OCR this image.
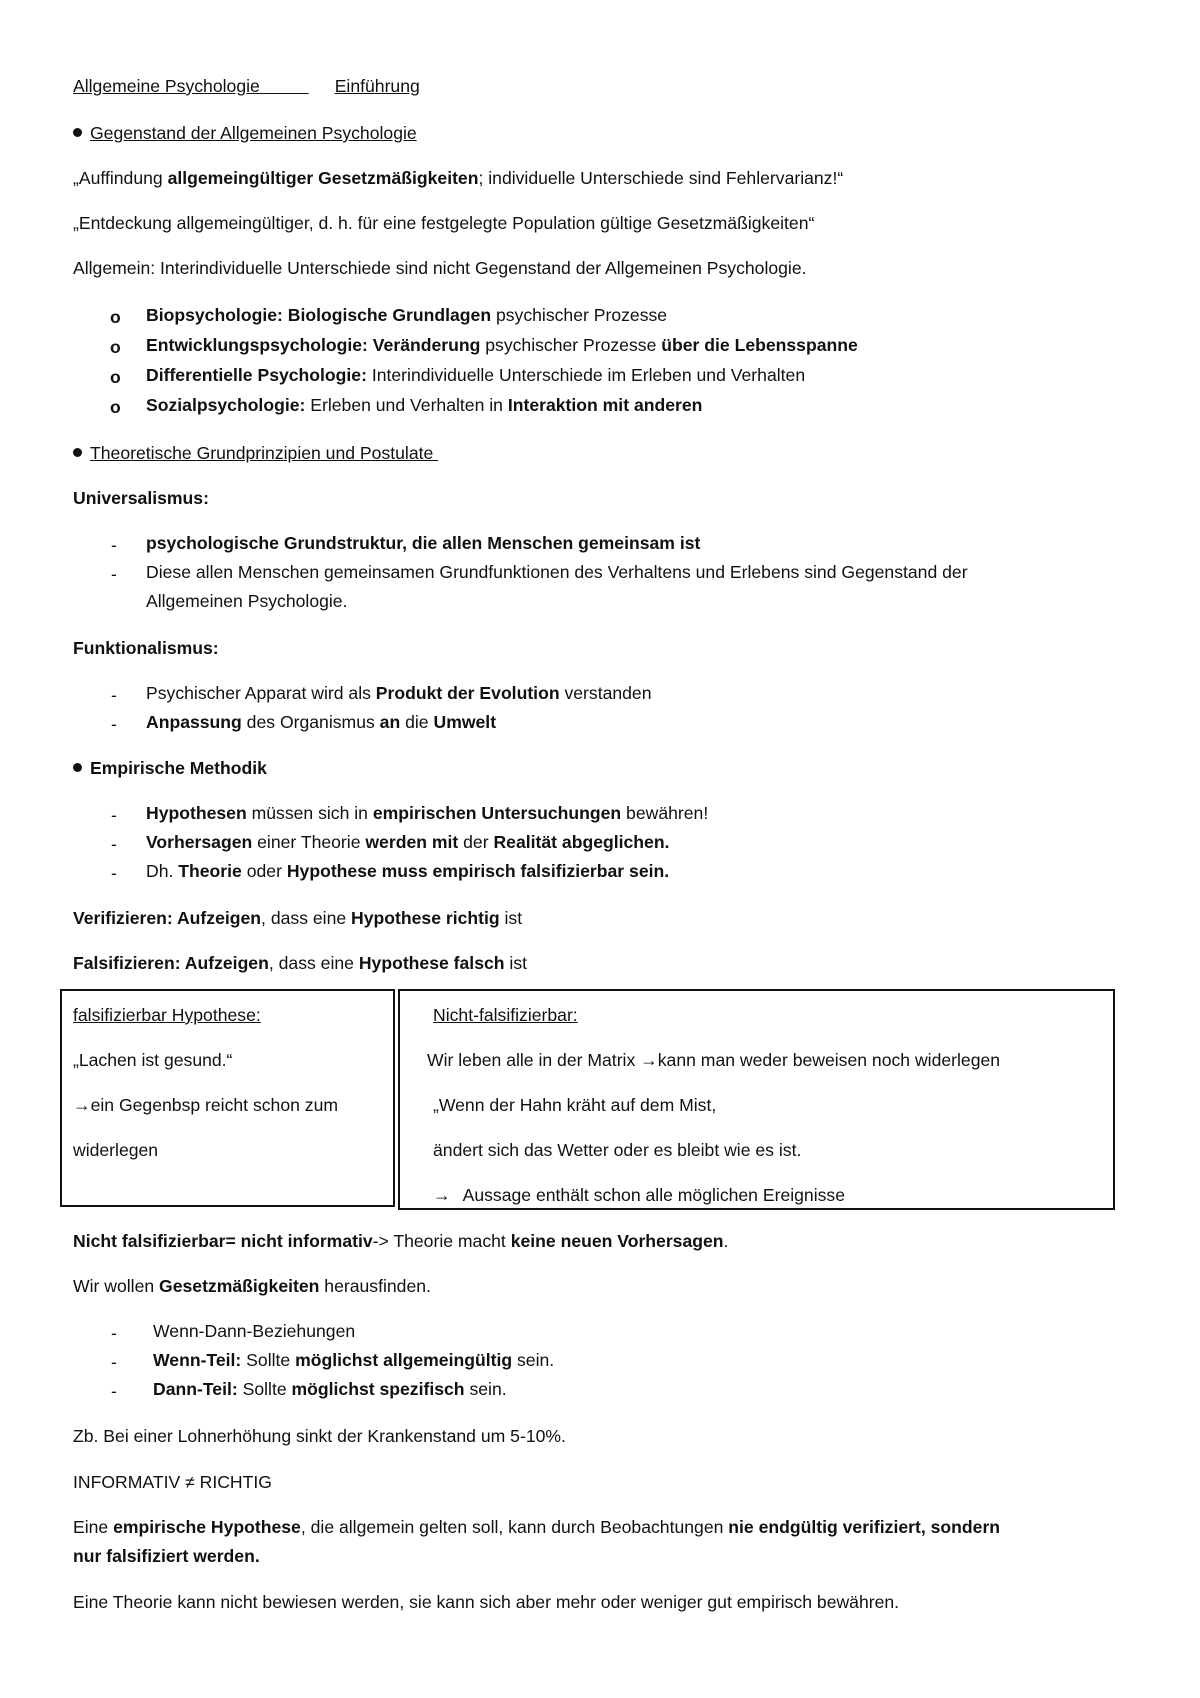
Allgemeine Psychologie	Einführung
Gegenstand der Allgemeinen Psychologie
„Auffindung allgemeingültiger Gesetzmäßigkeiten; individuelle Unterschiede sind Fehlervarianz!“
„Entdeckung allgemeingültiger, d. h. für eine festgelegte Population gültige Gesetzmäßigkeiten“
Allgemein: Interindividuelle Unterschiede sind nicht Gegenstand der Allgemeinen Psychologie.
o Biopsychologie: Biologische Grundlagen psychischer Prozesse
o Entwicklungspsychologie: Veränderung psychischer Prozesse über die Lebensspanne
o Differentielle Psychologie: Interindividuelle Unterschiede im Erleben und Verhalten
o Sozialpsychologie: Erleben und Verhalten in Interaktion mit anderen
Theoretische Grundprinzipien und Postulate
Universalismus:
- psychologische Grundstruktur, die allen Menschen gemeinsam ist
- Diese allen Menschen gemeinsamen Grundfunktionen des Verhaltens und Erlebens sind Gegenstand der
Allgemeinen Psychologie.
Funktionalismus:
- Psychischer Apparat wird als Produkt der Evolution verstanden
- Anpassung des Organismus an die Umwelt
Empirische Methodik
- Hypothesen müssen sich in empirischen Untersuchungen bewähren!
- Vorhersagen einer Theorie werden mit der Realität abgeglichen.
- Dh. Theorie oder Hypothese muss empirisch falsifizierbar sein.
Verifizieren: Aufzeigen, dass eine Hypothese richtig ist
Falsifizieren: Aufzeigen, dass eine Hypothese falsch ist
falsifizierbar Hypothese:
„Lachen ist gesund.“
→ein Gegenbsp reicht schon zum
widerlegen
Nicht-falsifizierbar:
Wir leben alle in der Matrix →kann man weder beweisen noch widerlegen
„Wenn der Hahn kräht auf dem Mist,
ändert sich das Wetter oder es bleibt wie es ist.
→ Aussage enthält schon alle möglichen Ereignisse
Nicht falsifizierbar= nicht informativ-> Theorie macht keine neuen Vorhersagen.
Wir wollen Gesetzmäßigkeiten herausfinden.
- Wenn-Dann-Beziehungen
- Wenn-Teil: Sollte möglichst allgemeingültig sein.
- Dann-Teil: Sollte möglichst spezifisch sein.
Zb. Bei einer Lohnerhöhung sinkt der Krankenstand um 5-10%.
INFORMATIV ≠ RICHTIG
Eine empirische Hypothese, die allgemein gelten soll, kann durch Beobachtungen nie endgültig verifiziert, sondern
nur falsifiziert werden.
Eine Theorie kann nicht bewiesen werden, sie kann sich aber mehr oder weniger gut empirisch bewähren.
